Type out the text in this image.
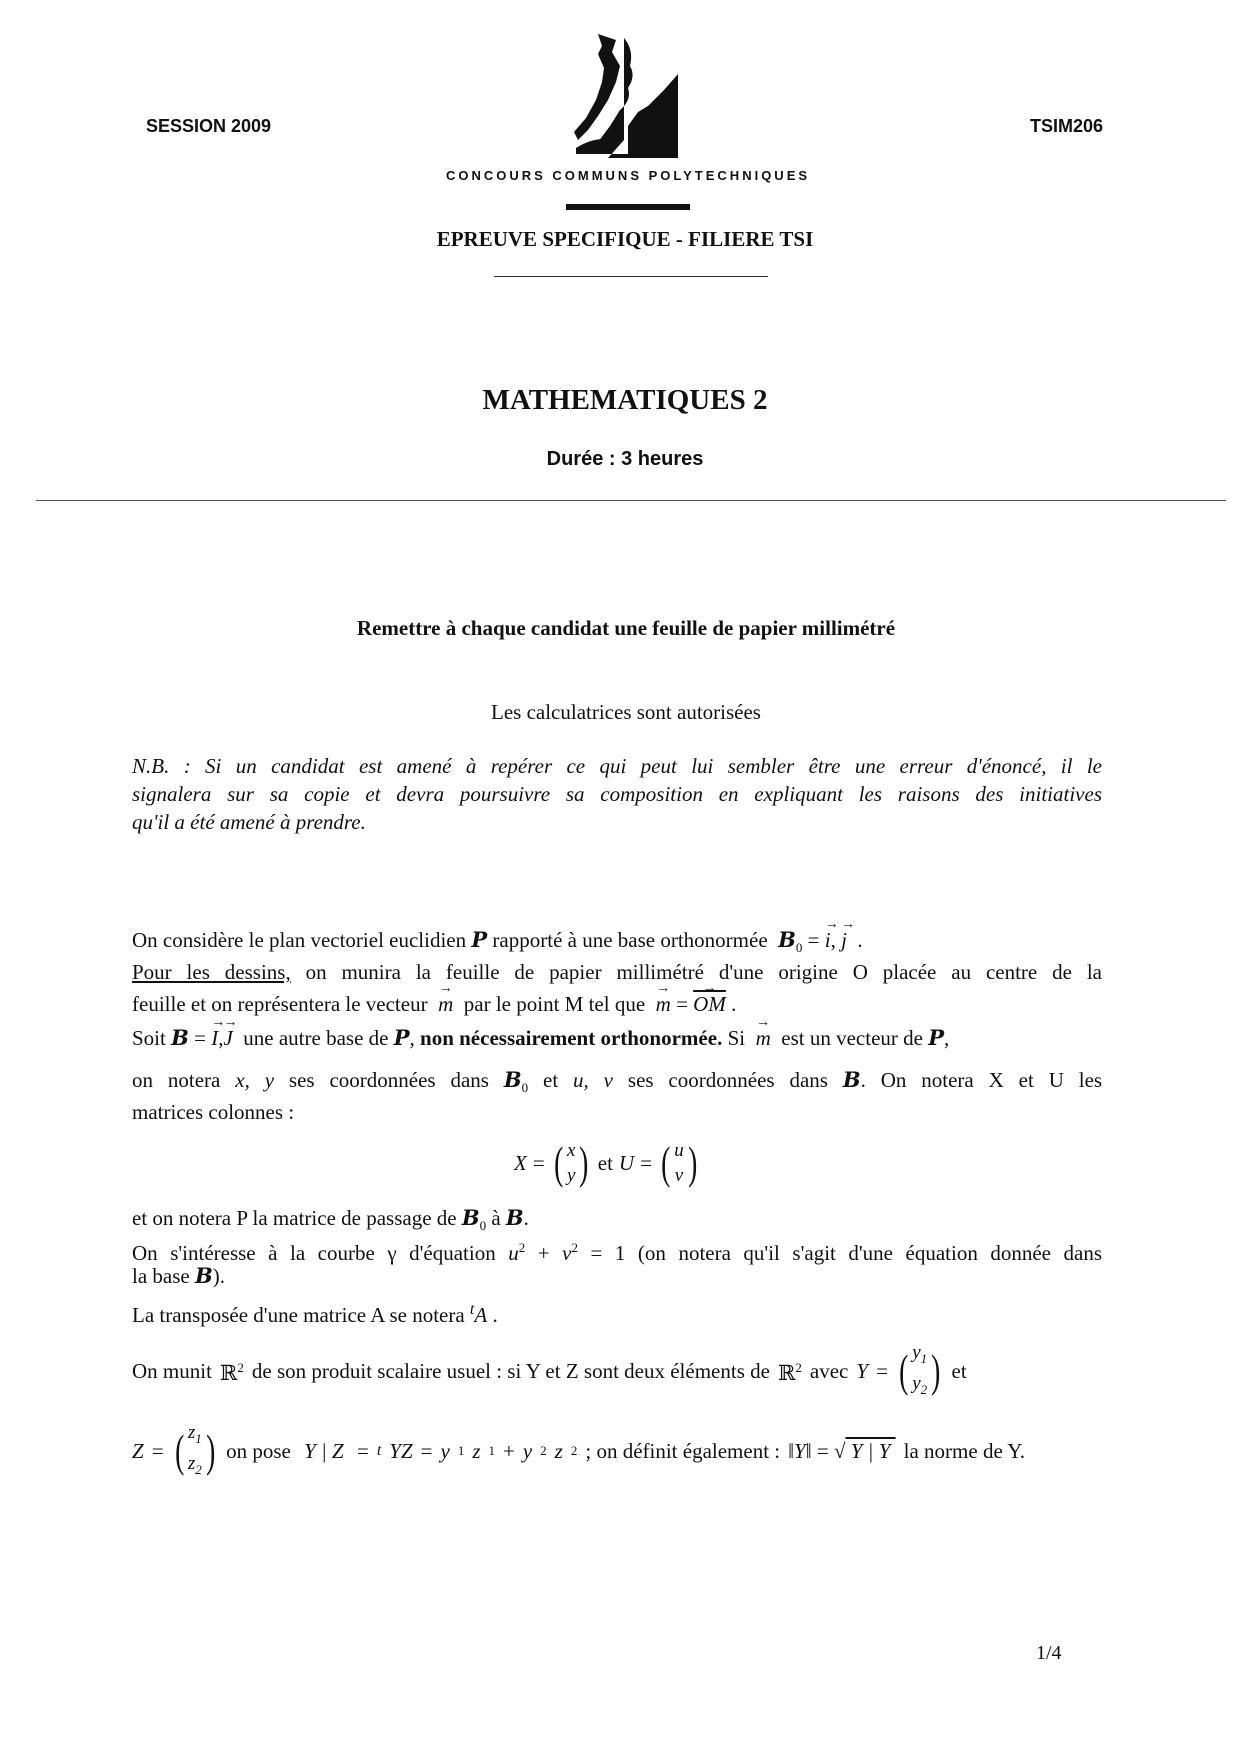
SESSION 2009	TSIM206
CONCOURS COMMUNS POLYTECHNIQUES
EPREUVE SPECIFIQUE - FILIERE TSI
MATHEMATIQUES 2
Durée : 3 heures
Remettre à chaque candidat une feuille de papier millimétré
Les calculatrices sont autorisées
N.B. : Si un candidat est amené à repérer ce qui peut lui sembler être une erreur d'énoncé, il le
signalera sur sa copie et devra poursuivre sa composition en expliquant les raisons des initiatives
qu'il a été amené à prendre.
On considère le plan vectoriel euclidien P rapporté à une base orthonormée $B_0$ = → i, → j  .
Pour les dessins, on munira la feuille de papier millimétré d'une origine O placée au centre de la
feuille et on représentera le vecteur → m par le point M tel que → m = → $\overline{OM}$ .
Soit B = → I,→ J une autre base de P, non nécessairement orthonormée. Si → m est un vecteur de P,
on notera x, y ses coordonnées dans $B_0$ et u, v ses coordonnées dans B. On notera X et U les
matrices colonnes :
X = ( x
y ) et U = ( u
v )
et on notera P la matrice de passage de $B_0$ à B.
On s'intéresse à la courbe γ d'équation $u^2 + v^2 = 1$ (on notera qu'il s'agit d'une équation donnée dans
la base B).
La transposée d'une matrice A se notera $^t$A .
On munit ℝ$^2$ de son produit scalaire usuel : si Y et Z sont deux éléments de ℝ$^2$ avec Y = ( $y_1$
$y_2$ ) et
Z = ( $z_1$
$z_2$ ) on pose Y | Z = t YZ = y 1 z 1 + y 2 z 2 ; on définit également : ‖Y‖ = √ Y | Y la norme de Y.
1/4
